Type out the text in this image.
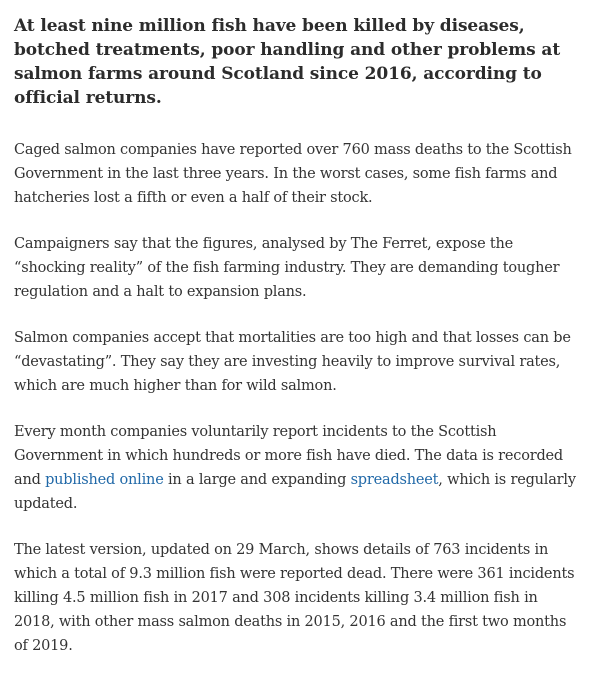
At least nine million fish have been killed by diseases, botched treatments, poor handling and other problems at salmon farms around Scotland since 2016, according to official returns.

Caged salmon companies have reported over 760 mass deaths to the Scottish Government in the last three years. In the worst cases, some fish farms and hatcheries lost a fifth or even a half of their stock.

Campaigners say that the figures, analysed by The Ferret, expose the “shocking reality” of the fish farming industry. They are demanding tougher regulation and a halt to expansion plans.

Salmon companies accept that mortalities are too high and that losses can be “devastating”. They say they are investing heavily to improve survival rates, which are much higher than for wild salmon.

Every month companies voluntarily report incidents to the Scottish Government in which hundreds or more fish have died. The data is recorded and published online in a large and expanding spreadsheet, which is regularly updated.

The latest version, updated on 29 March, shows details of 763 incidents in which a total of 9.3 million fish were reported dead. There were 361 incidents killing 4.5 million fish in 2017 and 308 incidents killing 3.4 million fish in 2018, with other mass salmon deaths in 2015, 2016 and the first two months of 2019.
